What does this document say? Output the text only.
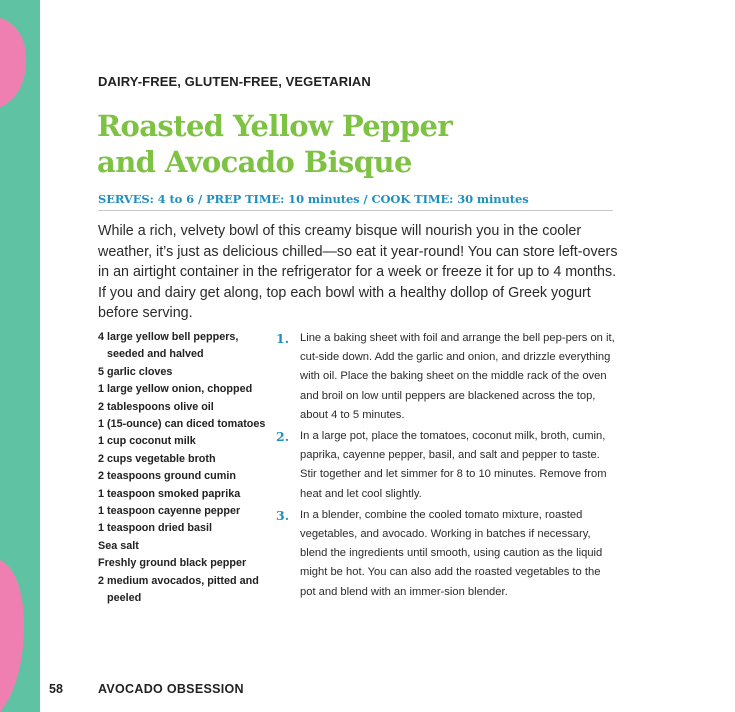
DAIRY-FREE, GLUTEN-FREE, VEGETARIAN
Roasted Yellow Pepper
and Avocado Bisque
SERVES: 4 to 6 / PREP TIME: 10 minutes / COOK TIME: 30 minutes

While a rich, velvety bowl of this creamy bisque will nourish you in the cooler weather, it’s just as delicious chilled—so eat it year-round! You can store left-overs in an airtight container in the refrigerator for a week or freeze it for up to 4 months. If you and dairy get along, top each bowl with a healthy dollop of Greek yogurt before serving.

4 large yellow bell peppers, seeded and halved
5 garlic cloves
1 large yellow onion, chopped
2 tablespoons olive oil
1 (15-ounce) can diced tomatoes
1 cup coconut milk
2 cups vegetable broth
2 teaspoons ground cumin
1 teaspoon smoked paprika
1 teaspoon cayenne pepper
1 teaspoon dried basil
Sea salt
Freshly ground black pepper
2 medium avocados, pitted and peeled
1. Line a baking sheet with foil and arrange the bell pep-pers on it, cut-side down. Add the garlic and onion, and drizzle everything with oil. Place the baking sheet on the middle rack of the oven and broil on low until peppers are blackened across the top, about 4 to 5 minutes.
2. In a large pot, place the tomatoes, coconut milk, broth, cumin, paprika, cayenne pepper, basil, and salt and pepper to taste. Stir together and let simmer for 8 to 10 minutes. Remove from heat and let cool slightly.
3. In a blender, combine the cooled tomato mixture, roasted vegetables, and avocado. Working in batches if necessary, blend the ingredients until smooth, using caution as the liquid might be hot. You can also add the roasted vegetables to the pot and blend with an immer-sion blender.
58	AVOCADO OBSESSION
